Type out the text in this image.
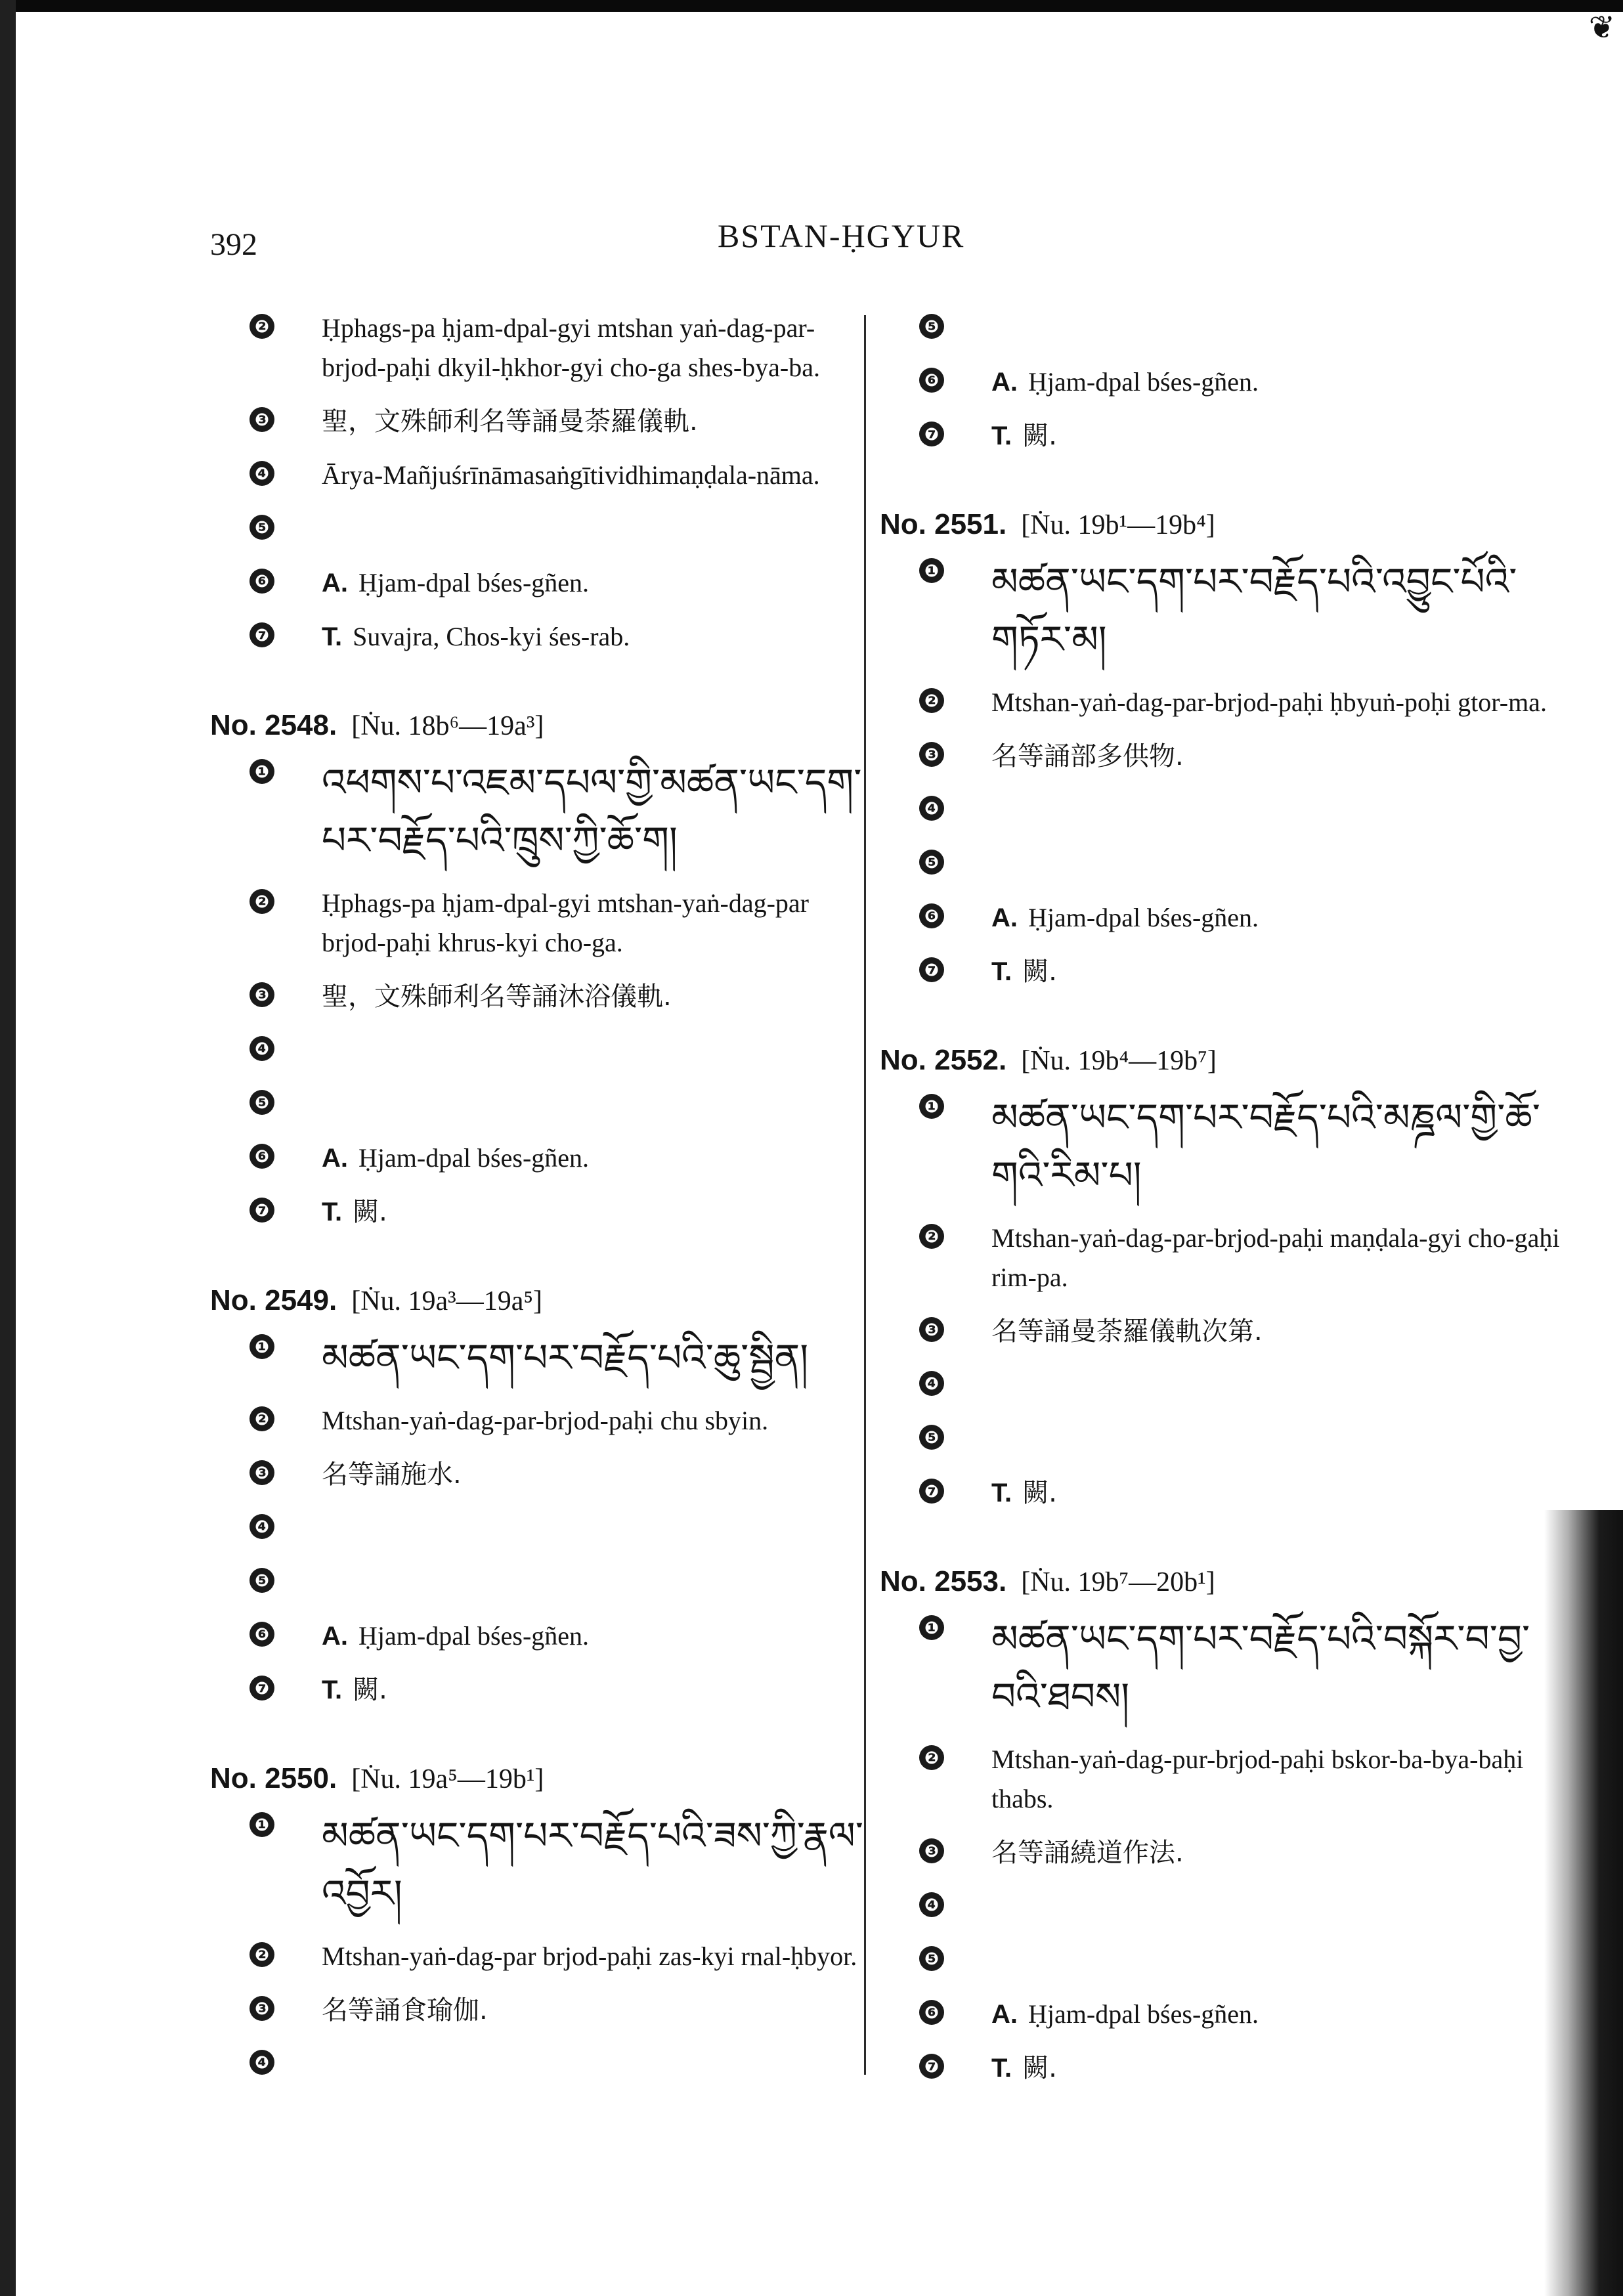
❦
392	BSTAN-ḤGYUR
❷ Ḥphags-pa ḥjam-dpal-gyi mtshan yaṅ-dag-par-brjod-paḥi dkyil-ḥkhor-gyi cho-ga shes-bya-ba.
❸ 聖，文殊師利名等誦曼荼羅儀軌.
❹ Ārya-Mañjuśrīnāmasaṅgītividhimaṇḍala-nāma.
❺
❻ A. Ḥjam-dpal bśes-gñen.
❼ T. Suvajra, Chos-kyi śes-rab.
No. 2548. [Ṅu. 18b⁶—19a³]
❶ འཕགས་པ་འཇམ་དཔལ་གྱི་མཚན་ཡང་དག་པར་བརྗོད་པའི་ཁྲུས་ཀྱི་ཆོ་ག།
❷ Ḥphags-pa ḥjam-dpal-gyi mtshan-yaṅ-dag-par brjod-paḥi khrus-kyi cho-ga.
❸ 聖，文殊師利名等誦沐浴儀軌.
❹
❺
❻ A. Ḥjam-dpal bśes-gñen.
❼ T. 闕.
No. 2549. [Ṅu. 19a³—19a⁵]
❶ མཚན་ཡང་དག་པར་བརྗོད་པའི་ཆུ་སྦྱིན།
❷ Mtshan-yaṅ-dag-par-brjod-paḥi chu sbyin.
❸ 名等誦施水.
❹
❺
❻ A. Ḥjam-dpal bśes-gñen.
❼ T. 闕.
No. 2550. [Ṅu. 19a⁵—19b¹]
❶ མཚན་ཡང་དག་པར་བརྗོད་པའི་ཟས་ཀྱི་རྣལ་འབྱོར།
❷ Mtshan-yaṅ-dag-par brjod-paḥi zas-kyi rnal-ḥbyor.
❸ 名等誦食瑜伽.
❹
❺
❻ A. Ḥjam-dpal bśes-gñen.
❼ T. 闕.
No. 2551. [Ṅu. 19b¹—19b⁴]
❶ མཚན་ཡང་དག་པར་བརྗོད་པའི་འབྱུང་པོའི་གཏོར་མ།
❷ Mtshan-yaṅ-dag-par-brjod-paḥi ḥbyuṅ-poḥi gtor-ma.
❸ 名等誦部多供物.
❹
❺
❻ A. Ḥjam-dpal bśes-gñen.
❼ T. 闕.
No. 2552. [Ṅu. 19b⁴—19b⁷]
❶ མཚན་ཡང་དག་པར་བརྗོད་པའི་མཎྜལ་གྱི་ཆོ་གའི་རིམ་པ།
❷ Mtshan-yaṅ-dag-par-brjod-paḥi maṇḍala-gyi cho-gaḥi rim-pa.
❸ 名等誦曼荼羅儀軌次第.
❹
❺
❼ T. 闕.
No. 2553. [Ṅu. 19b⁷—20b¹]
❶ མཚན་ཡང་དག་པར་བརྗོད་པའི་བསྐོར་བ་བྱ་བའི་ཐབས།
❷ Mtshan-yaṅ-dag-pur-brjod-paḥi bskor-ba-bya-baḥi thabs.
❸ 名等誦繞道作法.
❹
❺
❻ A. Ḥjam-dpal bśes-gñen.
❼ T. 闕.
